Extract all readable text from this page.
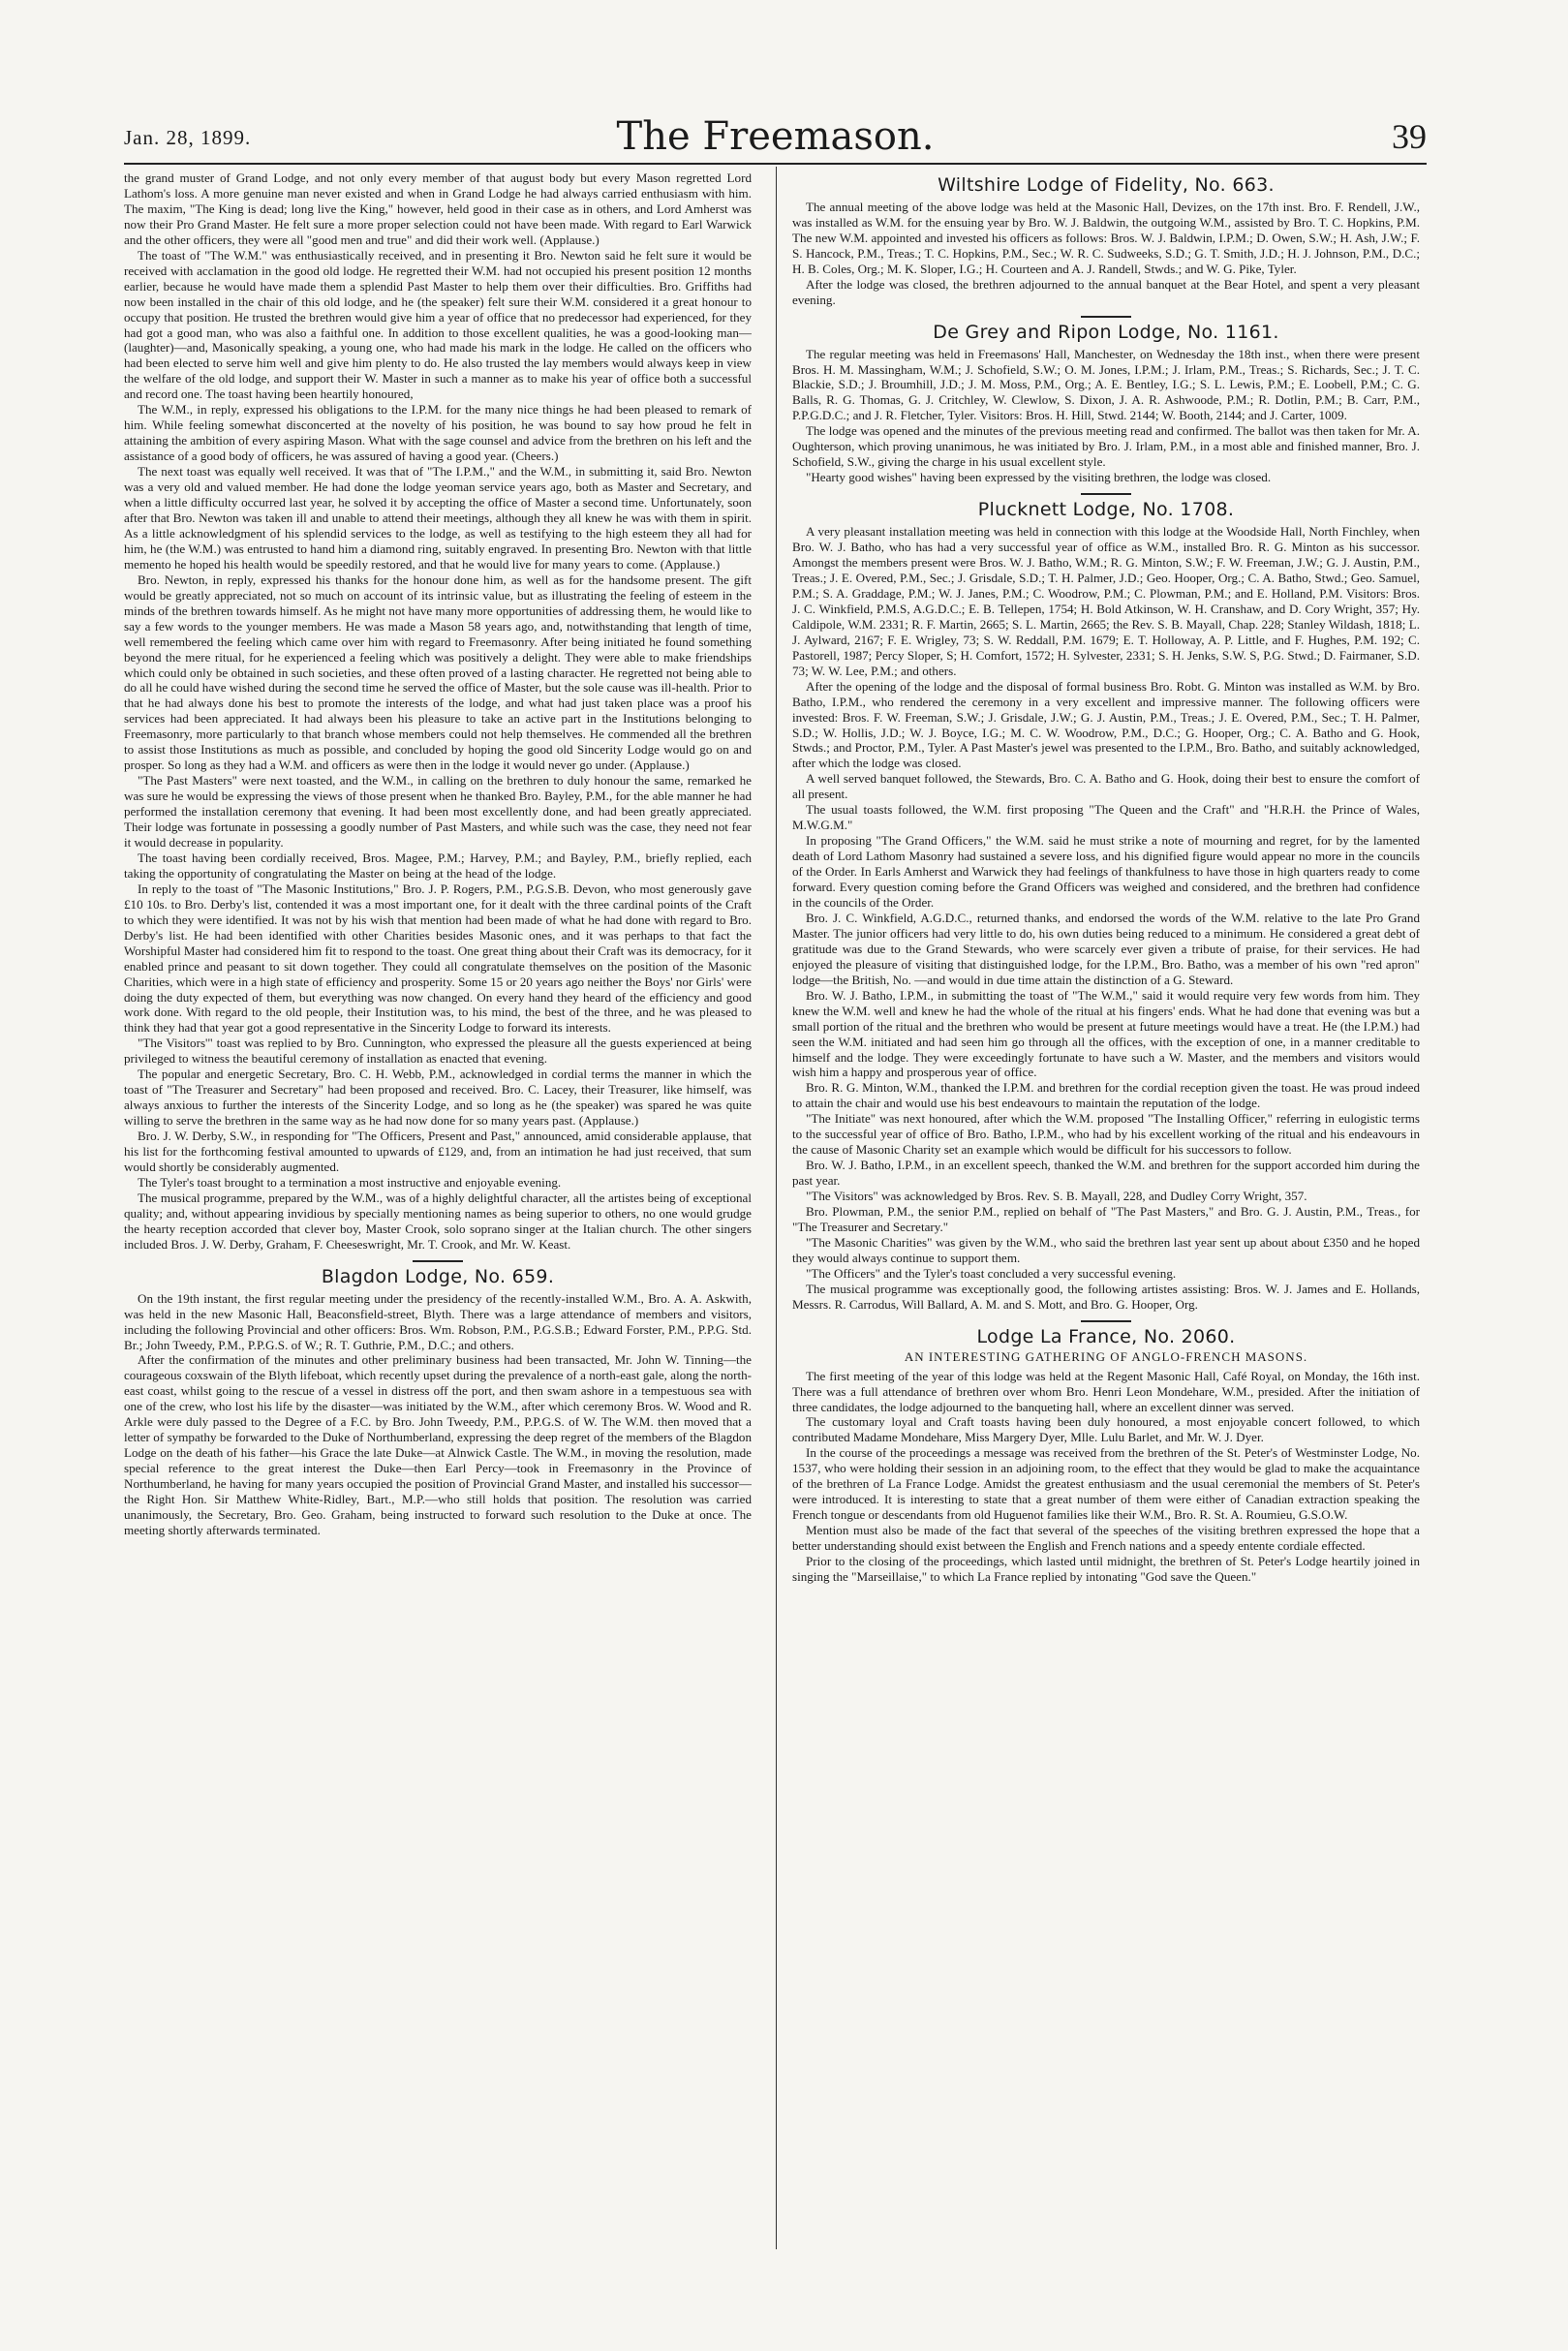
Jan. 28, 1899.	The Freemason.	39

the grand muster of Grand Lodge, and not only every member of that august body but every Mason regretted Lord Lathom's loss. A more genuine man never existed and when in Grand Lodge he had always carried enthusiasm with him. The maxim, "The King is dead; long live the King," however, held good in their case as in others, and Lord Amherst was now their Pro Grand Master. He felt sure a more proper selection could not have been made. With regard to Earl Warwick and the other officers, they were all "good men and true" and did their work well. (Applause.)

The toast of "The W.M." was enthusiastically received, and in presenting it Bro. Newton said he felt sure it would be received with acclamation in the good old lodge. He regretted their W.M. had not occupied his present position 12 months earlier, because he would have made them a splendid Past Master to help them over their difficulties. Bro. Griffiths had now been installed in the chair of this old lodge, and he (the speaker) felt sure their W.M. considered it a great honour to occupy that position. He trusted the brethren would give him a year of office that no predecessor had experienced, for they had got a good man, who was also a faithful one. In addition to those excellent qualities, he was a good-looking man—(laughter)—and, Masonically speaking, a young one, who had made his mark in the lodge. He called on the officers who had been elected to serve him well and give him plenty to do. He also trusted the lay members would always keep in view the welfare of the old lodge, and support their W. Master in such a manner as to make his year of office both a successful and record one. The toast having been heartily honoured,

The W.M., in reply, expressed his obligations to the I.P.M. for the many nice things he had been pleased to remark of him. While feeling somewhat disconcerted at the novelty of his position, he was bound to say how proud he felt in attaining the ambition of every aspiring Mason. What with the sage counsel and advice from the brethren on his left and the assistance of a good body of officers, he was assured of having a good year. (Cheers.)

The next toast was equally well received. It was that of "The I.P.M.," and the W.M., in submitting it, said Bro. Newton was a very old and valued member. He had done the lodge yeoman service years ago, both as Master and Secretary, and when a little difficulty occurred last year, he solved it by accepting the office of Master a second time. Unfortunately, soon after that Bro. Newton was taken ill and unable to attend their meetings, although they all knew he was with them in spirit. As a little acknowledgment of his splendid services to the lodge, as well as testifying to the high esteem they all had for him, he (the W.M.) was entrusted to hand him a diamond ring, suitably engraved. In presenting Bro. Newton with that little memento he hoped his health would be speedily restored, and that he would live for many years to come. (Applause.)

Bro. Newton, in reply, expressed his thanks for the honour done him, as well as for the handsome present. The gift would be greatly appreciated, not so much on account of its intrinsic value, but as illustrating the feeling of esteem in the minds of the brethren towards himself. As he might not have many more opportunities of addressing them, he would like to say a few words to the younger members. He was made a Mason 58 years ago, and, notwithstanding that length of time, well remembered the feeling which came over him with regard to Freemasonry. After being initiated he found something beyond the mere ritual, for he experienced a feeling which was positively a delight. They were able to make friendships which could only be obtained in such societies, and these often proved of a lasting character. He regretted not being able to do all he could have wished during the second time he served the office of Master, but the sole cause was ill-health. Prior to that he had always done his best to promote the interests of the lodge, and what had just taken place was a proof his services had been appreciated. It had always been his pleasure to take an active part in the Institutions belonging to Freemasonry, more particularly to that branch whose members could not help themselves. He commended all the brethren to assist those Institutions as much as possible, and concluded by hoping the good old Sincerity Lodge would go on and prosper. So long as they had a W.M. and officers as were then in the lodge it would never go under. (Applause.)

"The Past Masters" were next toasted, and the W.M., in calling on the brethren to duly honour the same, remarked he was sure he would be expressing the views of those present when he thanked Bro. Bayley, P.M., for the able manner he had performed the installation ceremony that evening. It had been most excellently done, and had been greatly appreciated. Their lodge was fortunate in possessing a goodly number of Past Masters, and while such was the case, they need not fear it would decrease in popularity.

The toast having been cordially received, Bros. Magee, P.M.; Harvey, P.M.; and Bayley, P.M., briefly replied, each taking the opportunity of congratulating the Master on being at the head of the lodge.

In reply to the toast of "The Masonic Institutions," Bro. J. P. Rogers, P.M., P.G.S.B. Devon, who most generously gave £10 10s. to Bro. Derby's list, contended it was a most important one, for it dealt with the three cardinal points of the Craft to which they were identified. It was not by his wish that mention had been made of what he had done with regard to Bro. Derby's list. He had been identified with other Charities besides Masonic ones, and it was perhaps to that fact the Worshipful Master had considered him fit to respond to the toast. One great thing about their Craft was its democracy, for it enabled prince and peasant to sit down together. They could all congratulate themselves on the position of the Masonic Charities, which were in a high state of efficiency and prosperity. Some 15 or 20 years ago neither the Boys' nor Girls' were doing the duty expected of them, but everything was now changed. On every hand they heard of the efficiency and good work done. With regard to the old people, their Institution was, to his mind, the best of the three, and he was pleased to think they had that year got a good representative in the Sincerity Lodge to forward its interests.

"The Visitors'" toast was replied to by Bro. Cunnington, who expressed the pleasure all the guests experienced at being privileged to witness the beautiful ceremony of installation as enacted that evening.

The popular and energetic Secretary, Bro. C. H. Webb, P.M., acknowledged in cordial terms the manner in which the toast of "The Treasurer and Secretary" had been proposed and received. Bro. C. Lacey, their Treasurer, like himself, was always anxious to further the interests of the Sincerity Lodge, and so long as he (the speaker) was spared he was quite willing to serve the brethren in the same way as he had now done for so many years past. (Applause.)

Bro. J. W. Derby, S.W., in responding for "The Officers, Present and Past," announced, amid considerable applause, that his list for the forthcoming festival amounted to upwards of £129, and, from an intimation he had just received, that sum would shortly be considerably augmented.

The Tyler's toast brought to a termination a most instructive and enjoyable evening.

The musical programme, prepared by the W.M., was of a highly delightful character, all the artistes being of exceptional quality; and, without appearing invidious by specially mentioning names as being superior to others, no one would grudge the hearty reception accorded that clever boy, Master Crook, solo soprano singer at the Italian church. The other singers included Bros. J. W. Derby, Graham, F. Cheeseswright, Mr. T. Crook, and Mr. W. Keast.

Blagdon Lodge, No. 659.

On the 19th instant, the first regular meeting under the presidency of the recently-installed W.M., Bro. A. A. Askwith, was held in the new Masonic Hall, Beaconsfield-street, Blyth. There was a large attendance of members and visitors, including the following Provincial and other officers: Bros. Wm. Robson, P.M., P.G.S.B.; Edward Forster, P.M., P.P.G. Std. Br.; John Tweedy, P.M., P.P.G.S. of W.; R. T. Guthrie, P.M., D.C.; and others.

After the confirmation of the minutes and other preliminary business had been transacted, Mr. John W. Tinning—the courageous coxswain of the Blyth lifeboat, which recently upset during the prevalence of a north-east gale, along the north-east coast, whilst going to the rescue of a vessel in distress off the port, and then swam ashore in a tempestuous sea with one of the crew, who lost his life by the disaster—was initiated by the W.M., after which ceremony Bros. W. Wood and R. Arkle were duly passed to the Degree of a F.C. by Bro. John Tweedy, P.M., P.P.G.S. of W. The W.M. then moved that a letter of sympathy be forwarded to the Duke of Northumberland, expressing the deep regret of the members of the Blagdon Lodge on the death of his father—his Grace the late Duke—at Alnwick Castle. The W.M., in moving the resolution, made special reference to the great interest the Duke—then Earl Percy—took in Freemasonry in the Province of Northumberland, he having for many years occupied the position of Provincial Grand Master, and installed his successor—the Right Hon. Sir Matthew White-Ridley, Bart., M.P.—who still holds that position. The resolution was carried unanimously, the Secretary, Bro. Geo. Graham, being instructed to forward such resolution to the Duke at once. The meeting shortly afterwards terminated.

Wiltshire Lodge of Fidelity, No. 663.

The annual meeting of the above lodge was held at the Masonic Hall, Devizes, on the 17th inst. Bro. F. Rendell, J.W., was installed as W.M. for the ensuing year by Bro. W. J. Baldwin, the outgoing W.M., assisted by Bro. T. C. Hopkins, P.M. The new W.M. appointed and invested his officers as follows: Bros. W. J. Baldwin, I.P.M.; D. Owen, S.W.; H. Ash, J.W.; F. S. Hancock, P.M., Treas.; T. C. Hopkins, P.M., Sec.; W. R. C. Sudweeks, S.D.; G. T. Smith, J.D.; H. J. Johnson, P.M., D.C.; H. B. Coles, Org.; M. K. Sloper, I.G.; H. Courteen and A. J. Randell, Stwds.; and W. G. Pike, Tyler.

After the lodge was closed, the brethren adjourned to the annual banquet at the Bear Hotel, and spent a very pleasant evening.

De Grey and Ripon Lodge, No. 1161.

The regular meeting was held in Freemasons' Hall, Manchester, on Wednesday the 18th inst., when there were present Bros. H. M. Massingham, W.M.; J. Schofield, S.W.; O. M. Jones, I.P.M.; J. Irlam, P.M., Treas.; S. Richards, Sec.; J. T. C. Blackie, S.D.; J. Broumhill, J.D.; J. M. Moss, P.M., Org.; A. E. Bentley, I.G.; S. L. Lewis, P.M.; E. Loobell, P.M.; C. G. Balls, R. G. Thomas, G. J. Critchley, W. Clewlow, S. Dixon, J. A. R. Ashwoode, P.M.; R. Dotlin, P.M.; B. Carr, P.M., P.P.G.D.C.; and J. R. Fletcher, Tyler. Visitors: Bros. H. Hill, Stwd. 2144; W. Booth, 2144; and J. Carter, 1009.

The lodge was opened and the minutes of the previous meeting read and confirmed. The ballot was then taken for Mr. A. Oughterson, which proving unanimous, he was initiated by Bro. J. Irlam, P.M., in a most able and finished manner, Bro. J. Schofield, S.W., giving the charge in his usual excellent style.

"Hearty good wishes" having been expressed by the visiting brethren, the lodge was closed.

Plucknett Lodge, No. 1708.

A very pleasant installation meeting was held in connection with this lodge at the Woodside Hall, North Finchley, when Bro. W. J. Batho, who has had a very successful year of office as W.M., installed Bro. R. G. Minton as his successor. Amongst the members present were Bros. W. J. Batho, W.M.; R. G. Minton, S.W.; F. W. Freeman, J.W.; G. J. Austin, P.M., Treas.; J. E. Overed, P.M., Sec.; J. Grisdale, S.D.; T. H. Palmer, J.D.; Geo. Hooper, Org.; C. A. Batho, Stwd.; Geo. Samuel, P.M.; S. A. Graddage, P.M.; W. J. Janes, P.M.; C. Woodrow, P.M.; C. Plowman, P.M.; and E. Holland, P.M. Visitors: Bros. J. C. Winkfield, P.M.S, A.G.D.C.; E. B. Tellepen, 1754; H. Bold Atkinson, W. H. Cranshaw, and D. Cory Wright, 357; Hy. Caldipole, W.M. 2331; R. F. Martin, 2665; S. L. Martin, 2665; the Rev. S. B. Mayall, Chap. 228; Stanley Wildash, 1818; L. J. Aylward, 2167; F. E. Wrigley, 73; S. W. Reddall, P.M. 1679; E. T. Holloway, A. P. Little, and F. Hughes, P.M. 192; C. Pastorell, 1987; Percy Sloper, S; H. Comfort, 1572; H. Sylvester, 2331; S. H. Jenks, S.W. S, P.G. Stwd.; D. Fairmaner, S.D. 73; W. W. Lee, P.M.; and others.

After the opening of the lodge and the disposal of formal business Bro. Robt. G. Minton was installed as W.M. by Bro. Batho, I.P.M., who rendered the ceremony in a very excellent and impressive manner. The following officers were invested: Bros. F. W. Freeman, S.W.; J. Grisdale, J.W.; G. J. Austin, P.M., Treas.; J. E. Overed, P.M., Sec.; T. H. Palmer, S.D.; W. Hollis, J.D.; W. J. Boyce, I.G.; M. C. W. Woodrow, P.M., D.C.; G. Hooper, Org.; C. A. Batho and G. Hook, Stwds.; and Proctor, P.M., Tyler. A Past Master's jewel was presented to the I.P.M., Bro. Batho, and suitably acknowledged, after which the lodge was closed.

A well served banquet followed, the Stewards, Bro. C. A. Batho and G. Hook, doing their best to ensure the comfort of all present.

The usual toasts followed, the W.M. first proposing "The Queen and the Craft" and "H.R.H. the Prince of Wales, M.W.G.M."

In proposing "The Grand Officers," the W.M. said he must strike a note of mourning and regret, for by the lamented death of Lord Lathom Masonry had sustained a severe loss, and his dignified figure would appear no more in the councils of the Order. In Earls Amherst and Warwick they had feelings of thankfulness to have those in high quarters ready to come forward. Every question coming before the Grand Officers was weighed and considered, and the brethren had confidence in the councils of the Order.

Bro. J. C. Winkfield, A.G.D.C., returned thanks, and endorsed the words of the W.M. relative to the late Pro Grand Master. The junior officers had very little to do, his own duties being reduced to a minimum. He considered a great debt of gratitude was due to the Grand Stewards, who were scarcely ever given a tribute of praise, for their services. He had enjoyed the pleasure of visiting that distinguished lodge, for the I.P.M., Bro. Batho, was a member of his own "red apron" lodge—the British, No. —and would in due time attain the distinction of a G. Steward.

Bro. W. J. Batho, I.P.M., in submitting the toast of "The W.M.," said it would require very few words from him. They knew the W.M. well and knew he had the whole of the ritual at his fingers' ends. What he had done that evening was but a small portion of the ritual and the brethren who would be present at future meetings would have a treat. He (the I.P.M.) had seen the W.M. initiated and had seen him go through all the offices, with the exception of one, in a manner creditable to himself and the lodge. They were exceedingly fortunate to have such a W. Master, and the members and visitors would wish him a happy and prosperous year of office.

Bro. R. G. Minton, W.M., thanked the I.P.M. and brethren for the cordial reception given the toast. He was proud indeed to attain the chair and would use his best endeavours to maintain the reputation of the lodge.

"The Initiate" was next honoured, after which the W.M. proposed "The Installing Officer," referring in eulogistic terms to the successful year of office of Bro. Batho, I.P.M., who had by his excellent working of the ritual and his endeavours in the cause of Masonic Charity set an example which would be difficult for his successors to follow.

Bro. W. J. Batho, I.P.M., in an excellent speech, thanked the W.M. and brethren for the support accorded him during the past year.

"The Visitors" was acknowledged by Bros. Rev. S. B. Mayall, 228, and Dudley Corry Wright, 357.

Bro. Plowman, P.M., the senior P.M., replied on behalf of "The Past Masters," and Bro. G. J. Austin, P.M., Treas., for "The Treasurer and Secretary."

"The Masonic Charities" was given by the W.M., who said the brethren last year sent up about about £350 and he hoped they would always continue to support them.

"The Officers" and the Tyler's toast concluded a very successful evening.

The musical programme was exceptionally good, the following artistes assisting: Bros. W. J. James and E. Hollands, Messrs. R. Carrodus, Will Ballard, A. M. and S. Mott, and Bro. G. Hooper, Org.

Lodge La France, No. 2060.
AN INTERESTING GATHERING OF ANGLO-FRENCH MASONS.

The first meeting of the year of this lodge was held at the Regent Masonic Hall, Café Royal, on Monday, the 16th inst. There was a full attendance of brethren over whom Bro. Henri Leon Mondehare, W.M., presided. After the initiation of three candidates, the lodge adjourned to the banqueting hall, where an excellent dinner was served.

The customary loyal and Craft toasts having been duly honoured, a most enjoyable concert followed, to which contributed Madame Mondehare, Miss Margery Dyer, Mlle. Lulu Barlet, and Mr. W. J. Dyer.

In the course of the proceedings a message was received from the brethren of the St. Peter's of Westminster Lodge, No. 1537, who were holding their session in an adjoining room, to the effect that they would be glad to make the acquaintance of the brethren of La France Lodge. Amidst the greatest enthusiasm and the usual ceremonial the members of St. Peter's were introduced. It is interesting to state that a great number of them were either of Canadian extraction speaking the French tongue or descendants from old Huguenot families like their W.M., Bro. R. St. A. Roumieu, G.S.O.W.

Mention must also be made of the fact that several of the speeches of the visiting brethren expressed the hope that a better understanding should exist between the English and French nations and a speedy entente cordiale effected.

Prior to the closing of the proceedings, which lasted until midnight, the brethren of St. Peter's Lodge heartily joined in singing the "Marseillaise," to which La France replied by intonating "God save the Queen."
